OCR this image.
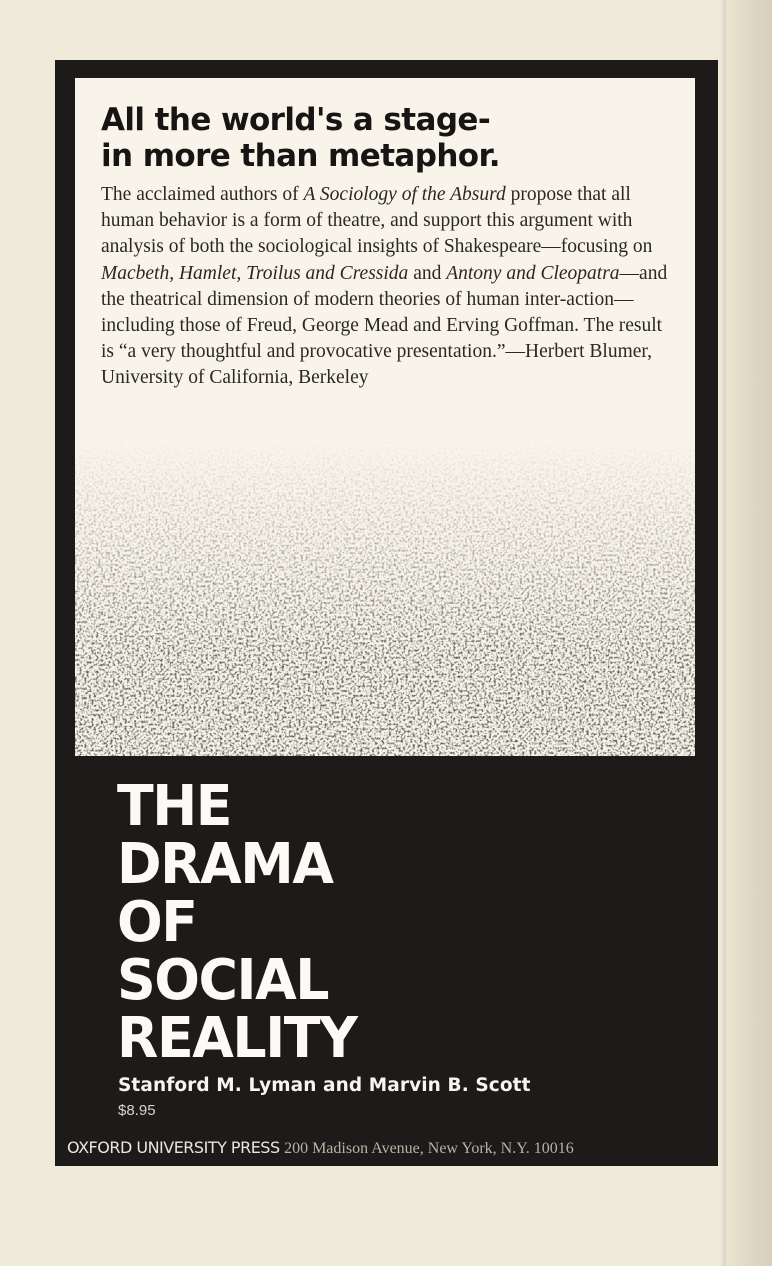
All the world's a stage-
in more than metaphor.

The acclaimed authors of A Sociology of the Absurd propose that all human behavior is a form of theatre, and support this argument with analysis of both the sociological insights of Shakespeare—focusing on Macbeth, Hamlet, Troilus and Cressida and Antony and Cleopatra—and the theatrical dimension of modern theories of human inter-action—including those of Freud, George Mead and Erving Goffman. The result is “a very thoughtful and provocative presentation.”—Herbert Blumer, University of California, Berkeley

THE
DRAMA
OF
SOCIAL
REALITY
Stanford M. Lyman and Marvin B. Scott
$8.95
OXFORD UNIVERSITY PRESS 200 Madison Avenue, New York, N.Y. 10016
